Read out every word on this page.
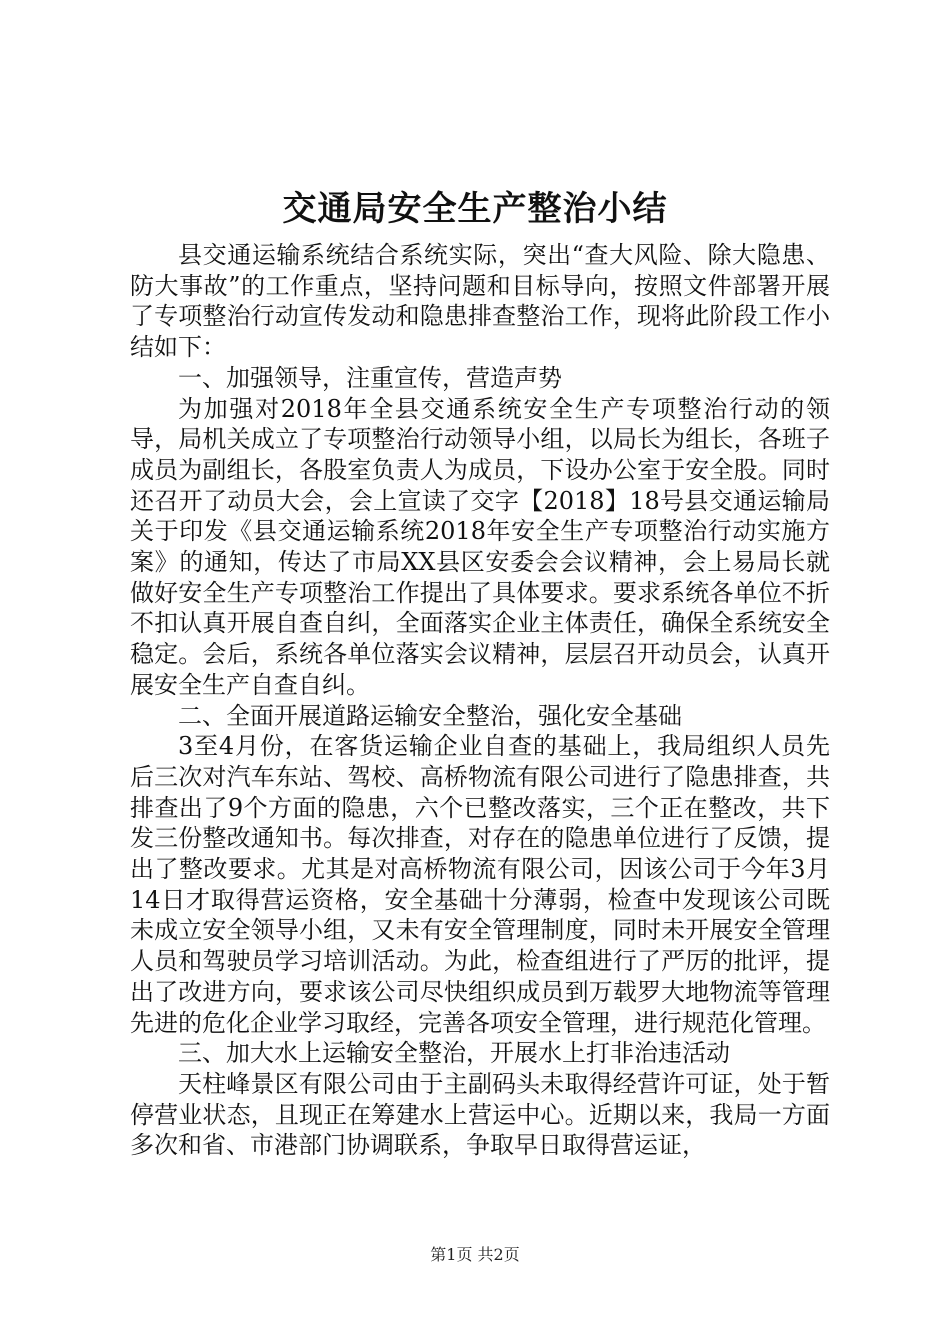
交通局安全生产整治小结

县交通运输系统结合系统实际，突出“查大风险、除大隐患、防大事故”的工作重点，坚持问题和目标导向，按照文件部署开展了专项整治行动宣传发动和隐患排查整治工作，现将此阶段工作小结如下：

一、加强领导，注重宣传，营造声势

为加强对2018年全县交通系统安全生产专项整治行动的领导，局机关成立了专项整治行动领导小组，以局长为组长，各班子成员为副组长，各股室负责人为成员，下设办公室于安全股。同时还召开了动员大会，会上宣读了交字【2018】18号县交通运输局关于印发《县交通运输系统2018年安全生产专项整治行动实施方案》的通知，传达了市局XX县区安委会会议精神，会上易局长就做好安全生产专项整治工作提出了具体要求。要求系统各单位不折不扣认真开展自查自纠，全面落实企业主体责任，确保全系统安全稳定。会后，系统各单位落实会议精神，层层召开动员会，认真开展安全生产自查自纠。

二、全面开展道路运输安全整治，强化安全基础

3至4月份，在客货运输企业自查的基础上，我局组织人员先后三次对汽车东站、驾校、高桥物流有限公司进行了隐患排查，共排查出了9个方面的隐患，六个已整改落实，三个正在整改，共下发三份整改通知书。每次排查，对存在的隐患单位进行了反馈，提出了整改要求。尤其是对高桥物流有限公司，因该公司于今年3月14日才取得营运资格，安全基础十分薄弱，检查中发现该公司既未成立安全领导小组，又未有安全管理制度，同时未开展安全管理人员和驾驶员学习培训活动。为此，检查组进行了严厉的批评，提出了改进方向，要求该公司尽快组织成员到万载罗大地物流等管理先进的危化企业学习取经，完善各项安全管理，进行规范化管理。

三、加大水上运输安全整治，开展水上打非治违活动

天柱峰景区有限公司由于主副码头未取得经营许可证，处于暂停营业状态，且现正在筹建水上营运中心。近期以来，我局一方面多次和省、市港部门协调联系，争取早日取得营运证，

第1页 共2页
